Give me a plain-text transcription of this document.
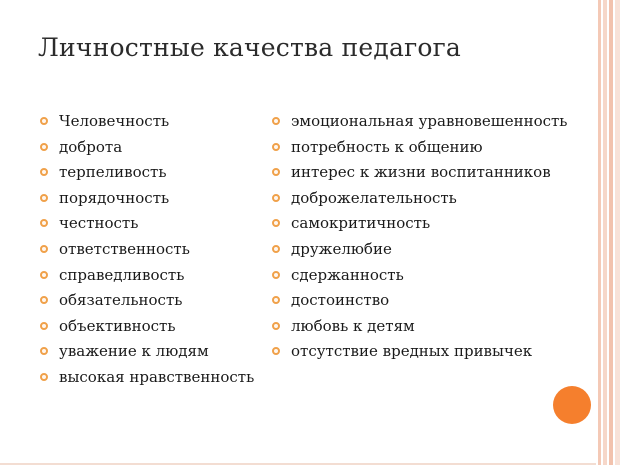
Личностные качества педагога
Человечность
доброта
терпеливость
порядочность
честность
ответственность
справедливость
обязательность
объективность
уважение к людям
высокая нравственность
эмоциональная уравновешенность
потребность к общению
интерес к жизни воспитанников
доброжелательность
самокритичность
дружелюбие
сдержанность
достоинство
любовь к детям
отсутствие вредных привычек
